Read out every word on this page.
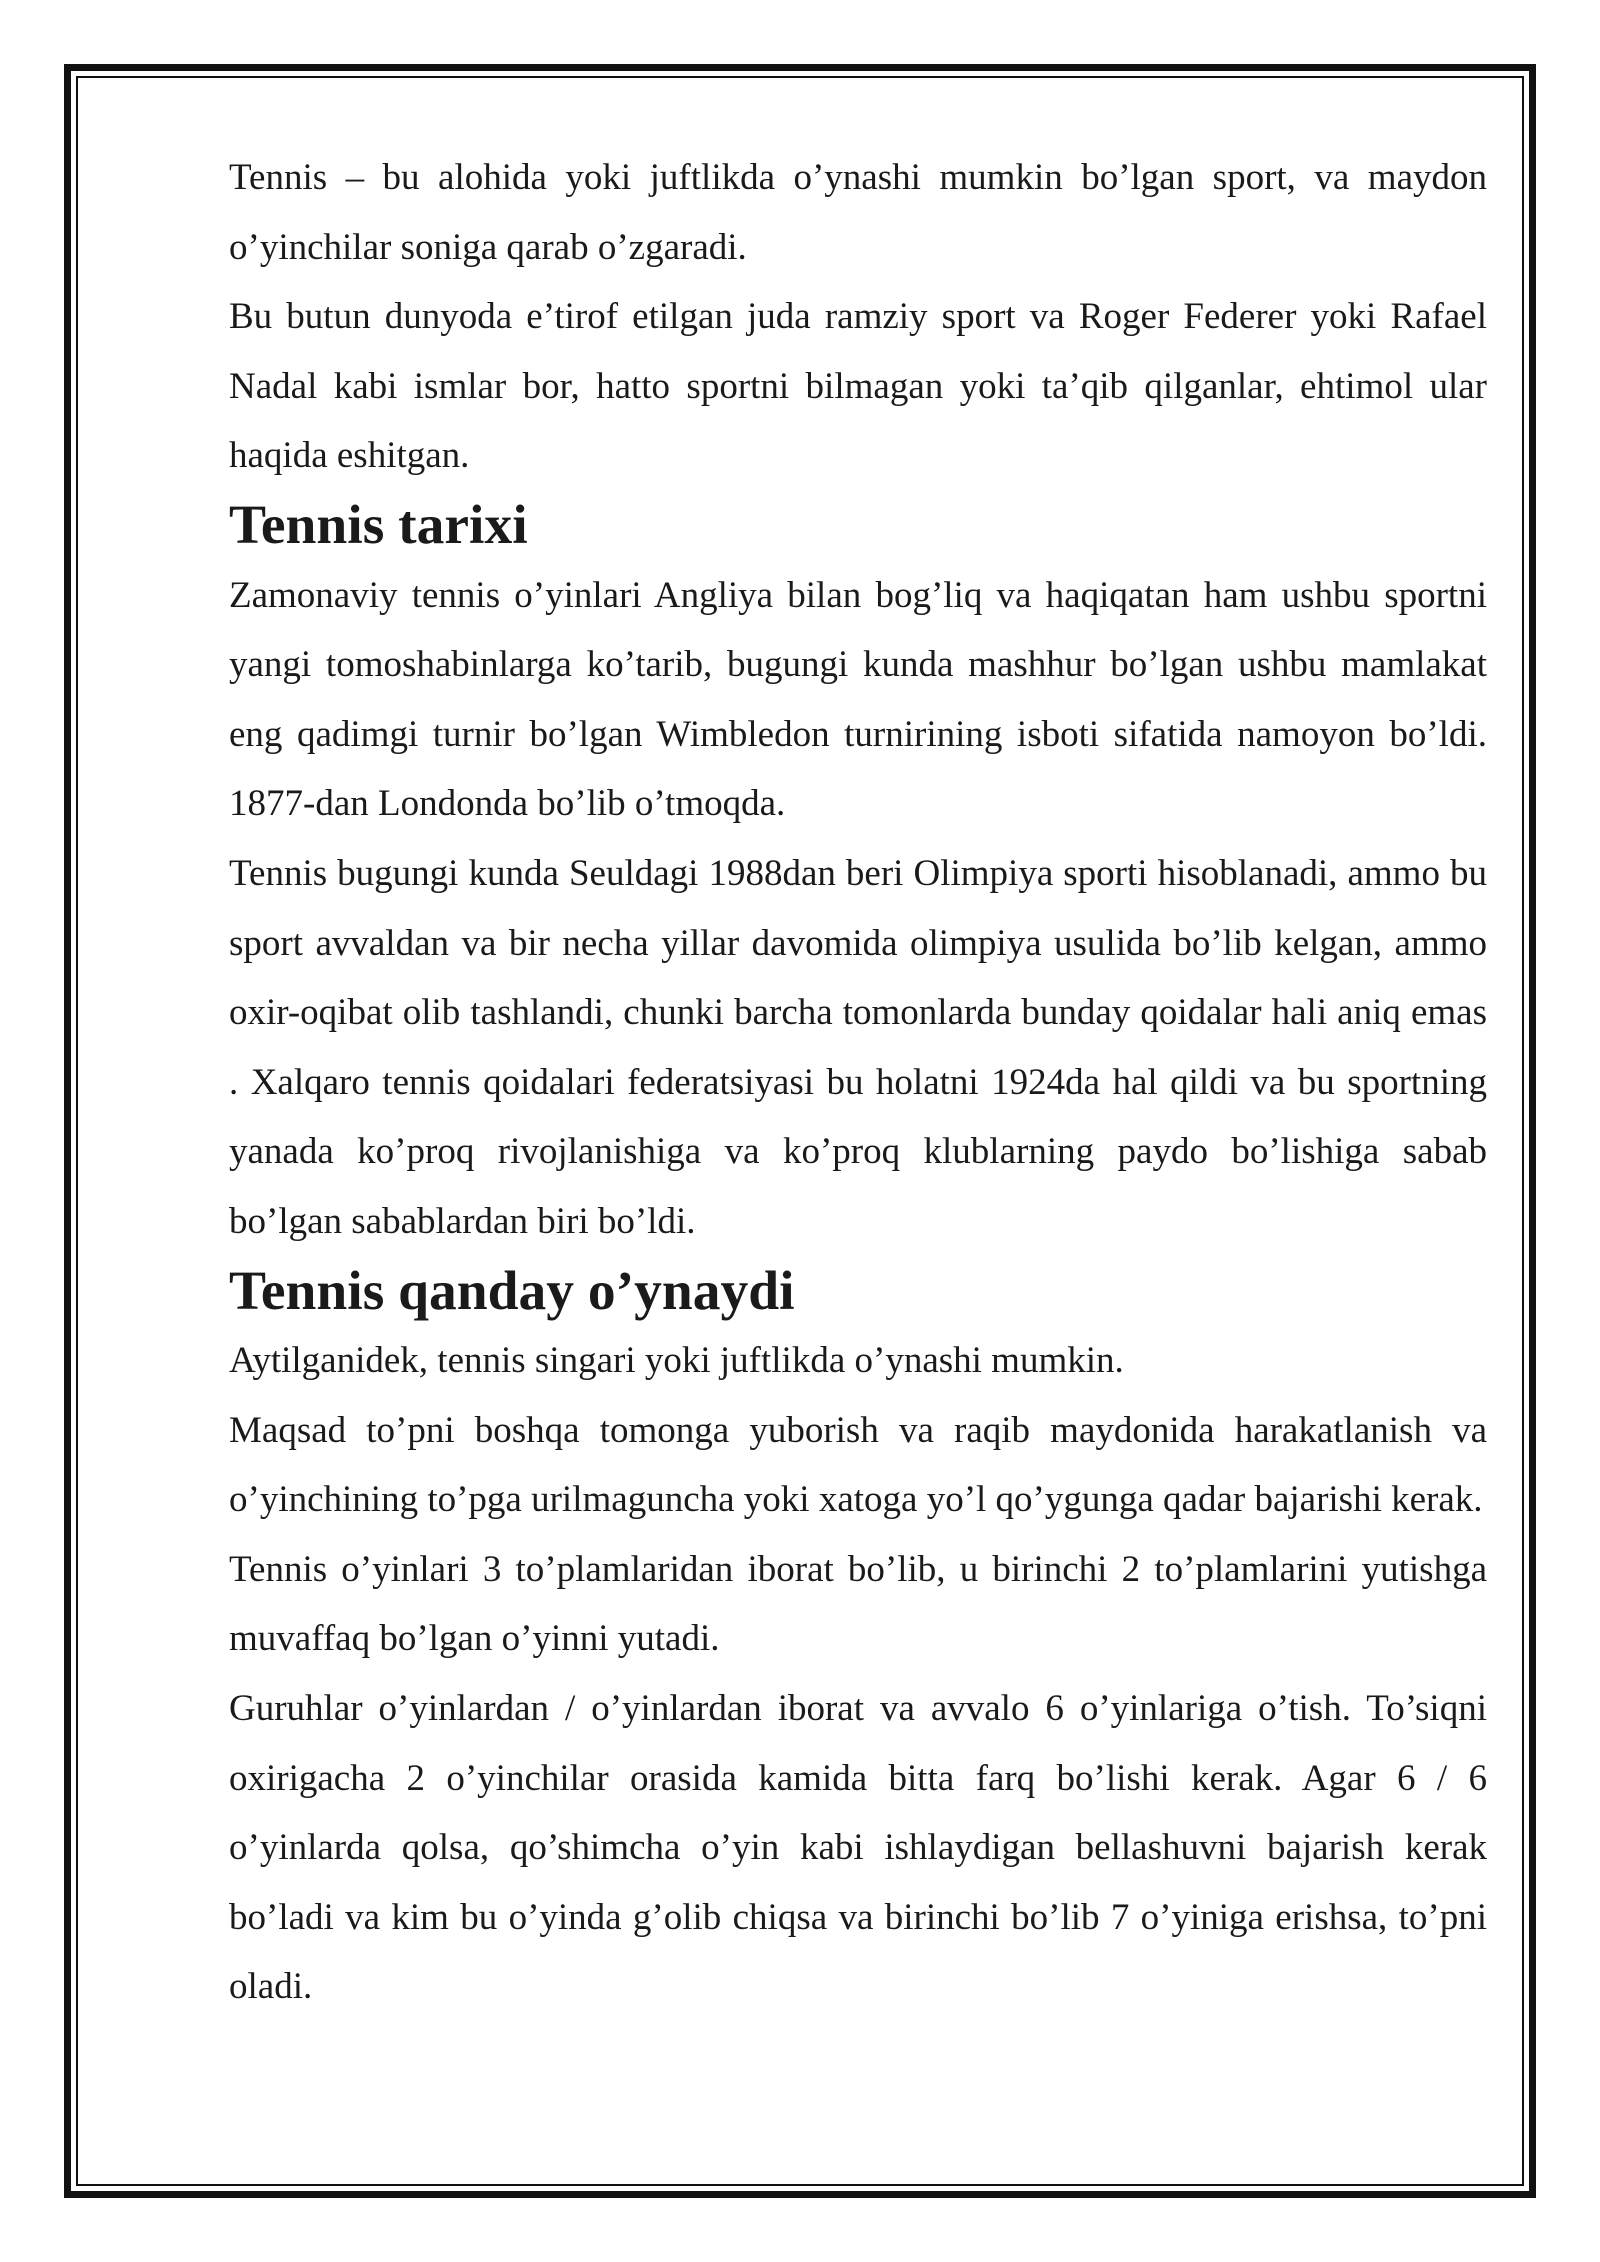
Tennis – bu alohida yoki juftlikda o’ynashi mumkin bo’lgan sport, va maydon o’yinchilar soniga qarab o’zgaradi.

Bu butun dunyoda e’tirof etilgan juda ramziy sport va Roger Federer yoki Rafael Nadal kabi ismlar bor, hatto sportni bilmagan yoki ta’qib qilganlar, ehtimol ular haqida eshitgan.

Tennis tarixi

Zamonaviy tennis o’yinlari Angliya bilan bog’liq va haqiqatan ham ushbu sportni yangi tomoshabinlarga ko’tarib, bugungi kunda mashhur bo’lgan ushbu mamlakat eng qadimgi turnir bo’lgan Wimbledon turnirining isboti sifatida namoyon bo’ldi. 1877-dan Londonda bo’lib o’tmoqda.

Tennis bugungi kunda Seuldagi 1988dan beri Olimpiya sporti hisoblanadi, ammo bu sport avvaldan va bir necha yillar davomida olimpiya usulida bo’lib kelgan, ammo oxir-oqibat olib tashlandi, chunki barcha tomonlarda bunday qoidalar hali aniq emas . Xalqaro tennis qoidalari federatsiyasi bu holatni 1924da hal qildi va bu sportning yanada ko’proq rivojlanishiga va ko’proq klublarning paydo bo’lishiga sabab bo’lgan sabablardan biri bo’ldi.

Tennis qanday o’ynaydi

Aytilganidek, tennis singari yoki juftlikda o’ynashi mumkin.

Maqsad to’pni boshqa tomonga yuborish va raqib maydonida harakatlanish va o’yinchining to’pga urilmaguncha yoki xatoga yo’l qo’ygunga qadar bajarishi kerak.

Tennis o’yinlari 3 to’plamlaridan iborat bo’lib, u birinchi 2 to’plamlarini yutishga muvaffaq bo’lgan o’yinni yutadi.

Guruhlar o’yinlardan / o’yinlardan iborat va avvalo 6 o’yinlariga o’tish. To’siqni oxirigacha 2 o’yinchilar orasida kamida bitta farq bo’lishi kerak. Agar 6 / 6 o’yinlarda qolsa, qo’shimcha o’yin kabi ishlaydigan bellashuvni bajarish kerak bo’ladi va kim bu o’yinda g’olib chiqsa va birinchi bo’lib 7 o’yiniga erishsa, to’pni oladi.
